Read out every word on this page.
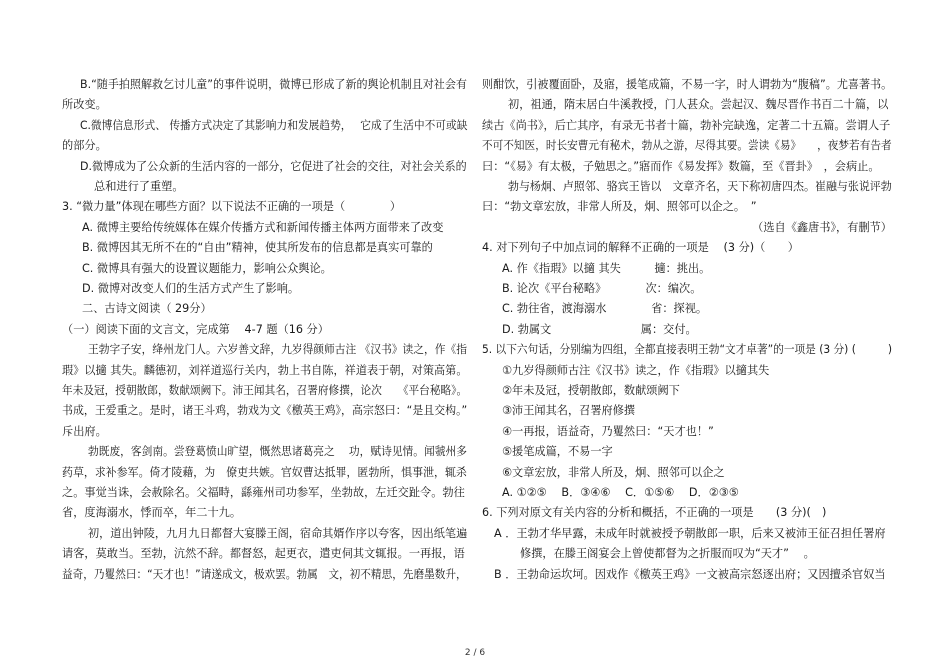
B.“随手拍照解救乞讨儿童”的事件说明，微博已形成了新的舆论机制且对社会有
所改变。
C.微博信息形式、 传播方式决定了其影响力和发展趋势，　 它成了生活中不可或缺
的部分。
D.微博成为了公众新的生活内容的一部分，它促进了社会的交往，对社会关系的
总和进行了重塑。
3. “微力量”体现在哪些方面？以下说法不正确的一项是（　　　　）
A. 微博主要给传统媒体在媒介传播方式和新闻传播主体两方面带来了改变
B. 微博因其无所不在的“自由”精神，使其所发布的信息都是真实可靠的
C. 微博具有强大的设置议题能力，影响公众舆论。
D. 微博对改变人们的生活方式产生了影响。
二、古诗文阅读（ 29分）
（一）阅读下面的文言文，完成第　 4-7 题（16 分）
王勃字子安，绛州龙门人。六岁善文辞，九岁得颜师古注 《汉书》读之，作《指
瑕》以擿 其失。麟德初，刘祥道巡行关内，勃上书自陈，祥道表于朝，对策高第。
年未及冠，授朝散郎，数献颂阙下。沛王闻其名，召署府修撰，论次　　《平台秘略》。
书成，王爱重之。是时，诸王斗鸡，勃戏为文《檄英王鸡》，高宗怒曰：“是且交构。”
斥出府。
勃既废，客剑南。尝登葛愤山旷望，慨然思诸葛亮之　 功，赋诗见情。闻虢州多
药草，求补参军。倚才陵藉，为　僚吏共嫉。官奴曹达抵罪，匿勃所，惧事泄，辄杀
之。事觉当诛，会赦除名。父福畤，繇雍州司功参军，坐勃故，左迁交趾令。勃往
省，度海溺水，悸而卒，年二十九。
初，道出钟陵，九月九日都督大宴滕王阁，宿命其婿作序以夸客，因出纸笔遍
请客，莫敢当。至勃，沆然不辞。都督怒，起更衣，遣吏伺其文辄报。一再报，语
益奇，乃矍然曰：“天才也！”请遂成文，极欢罢。勃属　文，初不精思，先磨墨数升，
则酣饮，引被覆面卧，及寤，援笔成篇，不易一字，时人谓勃为“腹稿”。尤喜著书。
初，祖通，隋末居白牛溪教授，门人甚众。尝起汉、魏尽晋作书百二十篇，以
续古《尚书》，后亡其序，有录无书者十篇，勃补完缺逸，定著二十五篇。尝谓人子
不可不知医，时长安曹元有秘术，勃从之游，尽得其要。尝读《易》　　，夜梦若有告者
曰：“《易》有太极，子勉思之。”寤而作《易发挥》数篇，至《晋卦》　，会病止。
勃与杨炯、卢照邻、骆宾王皆以　文章齐名，天下称初唐四杰。崔融与张说评勃
曰：“勃文章宏放，非常人所及，炯、照邻可以企之。　”
（选自《鑫唐书》，有删节）
4. 对下列句子中加点词的解释不正确的一项是　 (3 分)（　　）
A. 作《指瑕》以擿 其失　　　擿：挑出。
B. 论次《平台秘略》　　　　次：编次。
C. 勃往省，渡海溺水　　　　省：探视。
D. 勃属文　　　　　　　　属：交付。
5. 以下六句话，分别编为四组，全都直接表明王勃“文才卓著”的一项是 (3 分) (　　　)
①九岁得颜师古注《汉书》读之，作《指瑕》以擿其失
②年未及冠，授朝散郎，数献颂阙下
③沛王闻其名，召署府修撰
④一再报，语益奇，乃矍然曰：“天才也！”
⑤援笔成篇，不易一字
⑥文章宏放，非常人所及，炯、照邻可以企之
A. ①②⑤　 B．③④⑥　 C．①⑤⑥　 D．②③⑤
6. 下列对原文有关内容的分析和概括，不正确的一项是　　(3 分)(　)
A ．王勃才华早露，未成年时就被授予朝散郎一职，后来又被沛王征召担任署府
修撰，在滕王阁宴会上曾使都督为之折服而叹为“天才”　 。
B ．王勃命运坎坷。因戏作《檄英王鸡》一文被高宗怒逐出府；又因擅杀官奴当
2 / 6
